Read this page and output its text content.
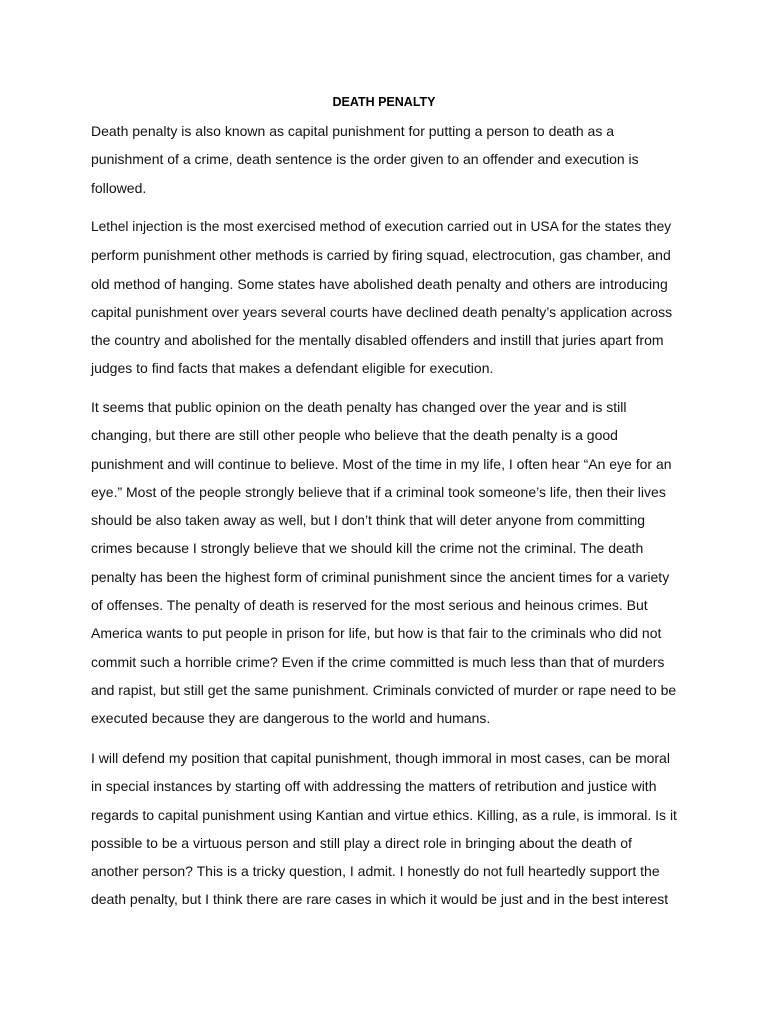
DEATH PENALTY

Death penalty is also known as capital punishment for putting a person to death as a
punishment of a crime, death sentence is the order given to an offender and execution is
followed.

Lethel injection is the most exercised method of execution carried out in USA for the states they
perform punishment other methods is carried by firing squad, electrocution, gas chamber, and
old method of hanging. Some states have abolished death penalty and others are introducing
capital punishment over years several courts have declined death penalty’s application across
the country and abolished for the mentally disabled offenders and instill that juries apart from
judges to find facts that makes a defendant eligible for execution.

It seems that public opinion on the death penalty has changed over the year and is still
changing, but there are still other people who believe that the death penalty is a good
punishment and will continue to believe. Most of the time in my life, I often hear “An eye for an
eye.” Most of the people strongly believe that if a criminal took someone’s life, then their lives
should be also taken away as well, but I don’t think that will deter anyone from committing
crimes because I strongly believe that we should kill the crime not the criminal. The death
penalty has been the highest form of criminal punishment since the ancient times for a variety
of offenses. The penalty of death is reserved for the most serious and heinous crimes. But
America wants to put people in prison for life, but how is that fair to the criminals who did not
commit such a horrible crime? Even if the crime committed is much less than that of murders
and rapist, but still get the same punishment. Criminals convicted of murder or rape need to be
executed because they are dangerous to the world and humans.

I will defend my position that capital punishment, though immoral in most cases, can be moral
in special instances by starting off with addressing the matters of retribution and justice with
regards to capital punishment using Kantian and virtue ethics. Killing, as a rule, is immoral. Is it
possible to be a virtuous person and still play a direct role in bringing about the death of
another person? This is a tricky question, I admit. I honestly do not full heartedly support the
death penalty, but I think there are rare cases in which it would be just and in the best interest
